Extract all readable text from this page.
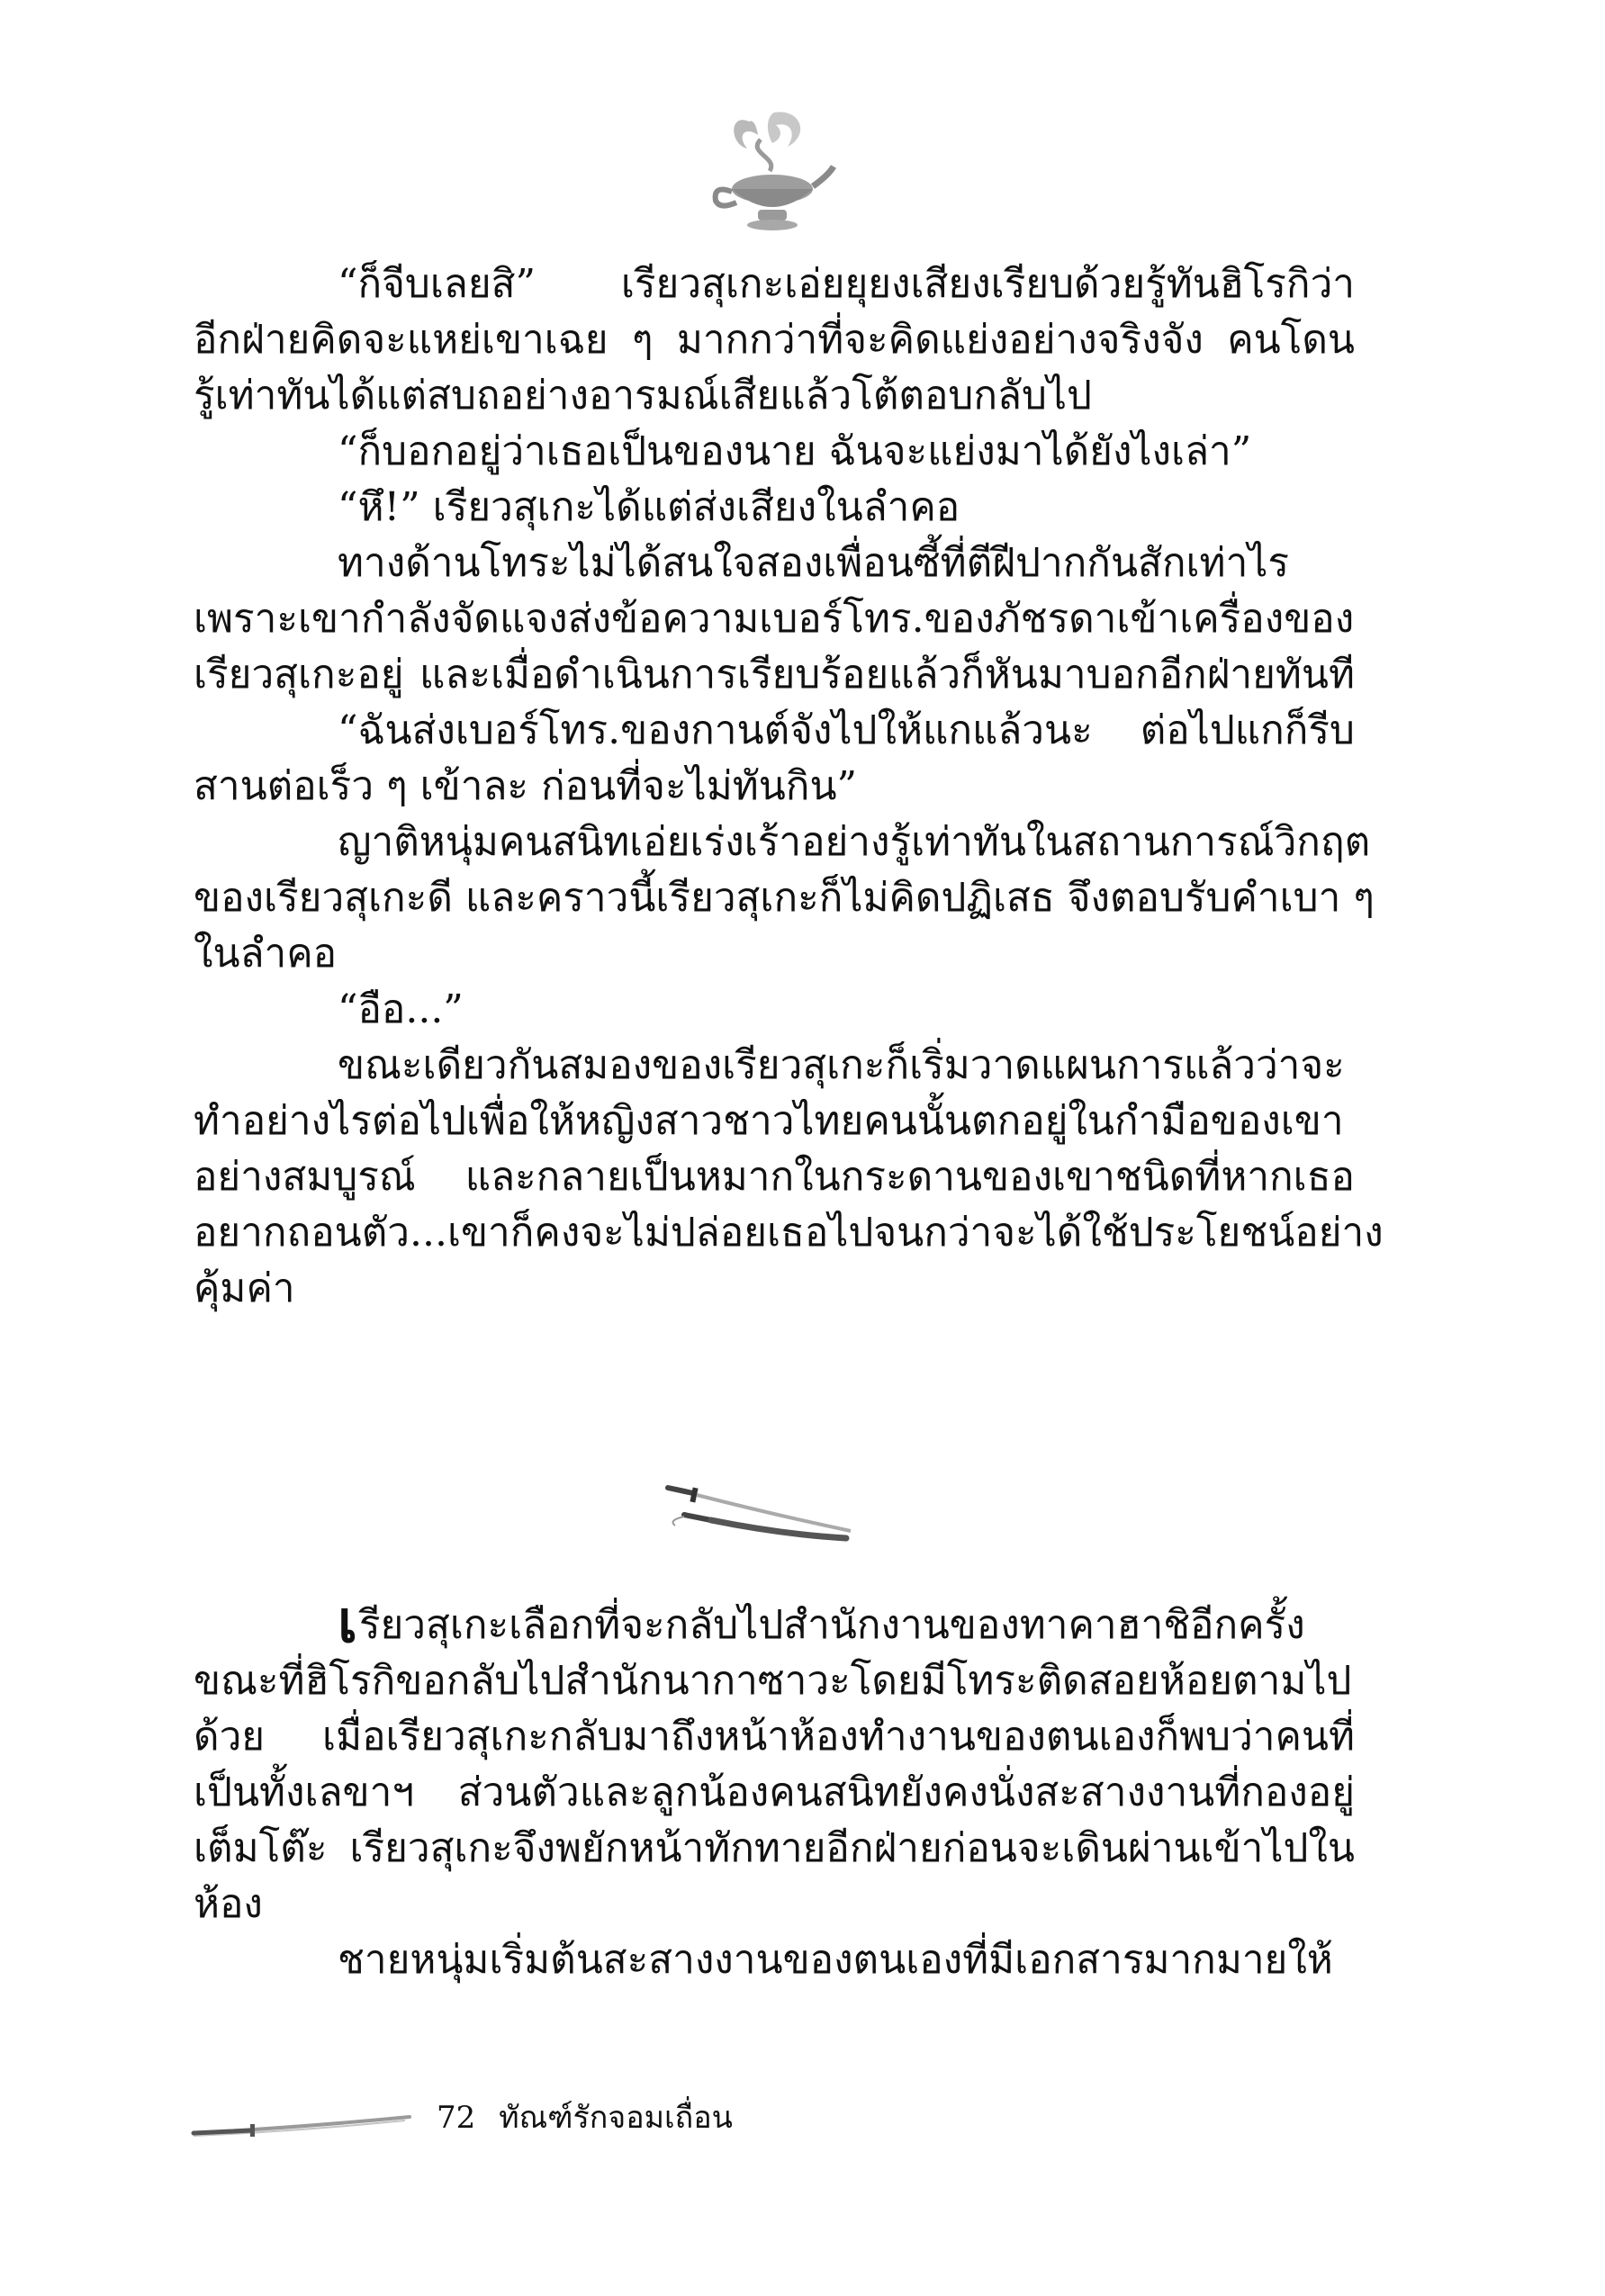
“ก็จีบเลยสิ” เรียวสุเกะเอ่ยยุยงเสียงเรียบด้วยรู้ทันฮิโรกิว่า
อีกฝ่ายคิดจะแหย่เขาเฉย ๆ มากกว่าที่จะคิดแย่งอย่างจริงจัง คนโดน
รู้เท่าทันได้แต่สบถอย่างอารมณ์เสียแล้วโต้ตอบกลับไป
“ก็บอกอยู่ว่าเธอเป็นของนาย ฉันจะแย่งมาได้ยังไงเล่า”
“หึ!” เรียวสุเกะได้แต่ส่งเสียงในลำคอ
ทางด้านโทระไม่ได้สนใจสองเพื่อนซี้ที่ตีฝีปากกันสักเท่าไร
เพราะเขากำลังจัดแจงส่งข้อความเบอร์โทร.ของภัชรดาเข้าเครื่องของ
เรียวสุเกะอยู่ และเมื่อดำเนินการเรียบร้อยแล้วก็หันมาบอกอีกฝ่ายทันที
“ฉันส่งเบอร์โทร.ของกานต์จังไปให้แกแล้วนะ ต่อไปแกก็รีบ
สานต่อเร็ว ๆ เข้าละ ก่อนที่จะไม่ทันกิน”
ญาติหนุ่มคนสนิทเอ่ยเร่งเร้าอย่างรู้เท่าทันในสถานการณ์วิกฤต
ของเรียวสุเกะดี และคราวนี้เรียวสุเกะก็ไม่คิดปฏิเสธ จึงตอบรับคำเบา ๆ
ในลำคอ
“อือ...”
ขณะเดียวกันสมองของเรียวสุเกะก็เริ่มวาดแผนการแล้วว่าจะ
ทำอย่างไรต่อไปเพื่อให้หญิงสาวชาวไทยคนนั้นตกอยู่ในกำมือของเขา
อย่างสมบูรณ์ และกลายเป็นหมากในกระดานของเขาชนิดที่หากเธอ
อยากถอนตัว...เขาก็คงจะไม่ปล่อยเธอไปจนกว่าจะได้ใช้ประโยชน์อย่าง
คุ้มค่า
เรียวสุเกะเลือกที่จะกลับไปสำนักงานของทาคาฮาชิอีกครั้ง
ขณะที่ฮิโรกิขอกลับไปสำนักนากาซาวะโดยมีโทระติดสอยห้อยตามไป
ด้วย เมื่อเรียวสุเกะกลับมาถึงหน้าห้องทำงานของตนเองก็พบว่าคนที่
เป็นทั้งเลขาฯ ส่วนตัวและลูกน้องคนสนิทยังคงนั่งสะสางงานที่กองอยู่
เต็มโต๊ะ เรียวสุเกะจึงพยักหน้าทักทายอีกฝ่ายก่อนจะเดินผ่านเข้าไปใน
ห้อง
ชายหนุ่มเริ่มต้นสะสางงานของตนเองที่มีเอกสารมากมายให้
72 ทัณฑ์รักจอมเถื่อน
